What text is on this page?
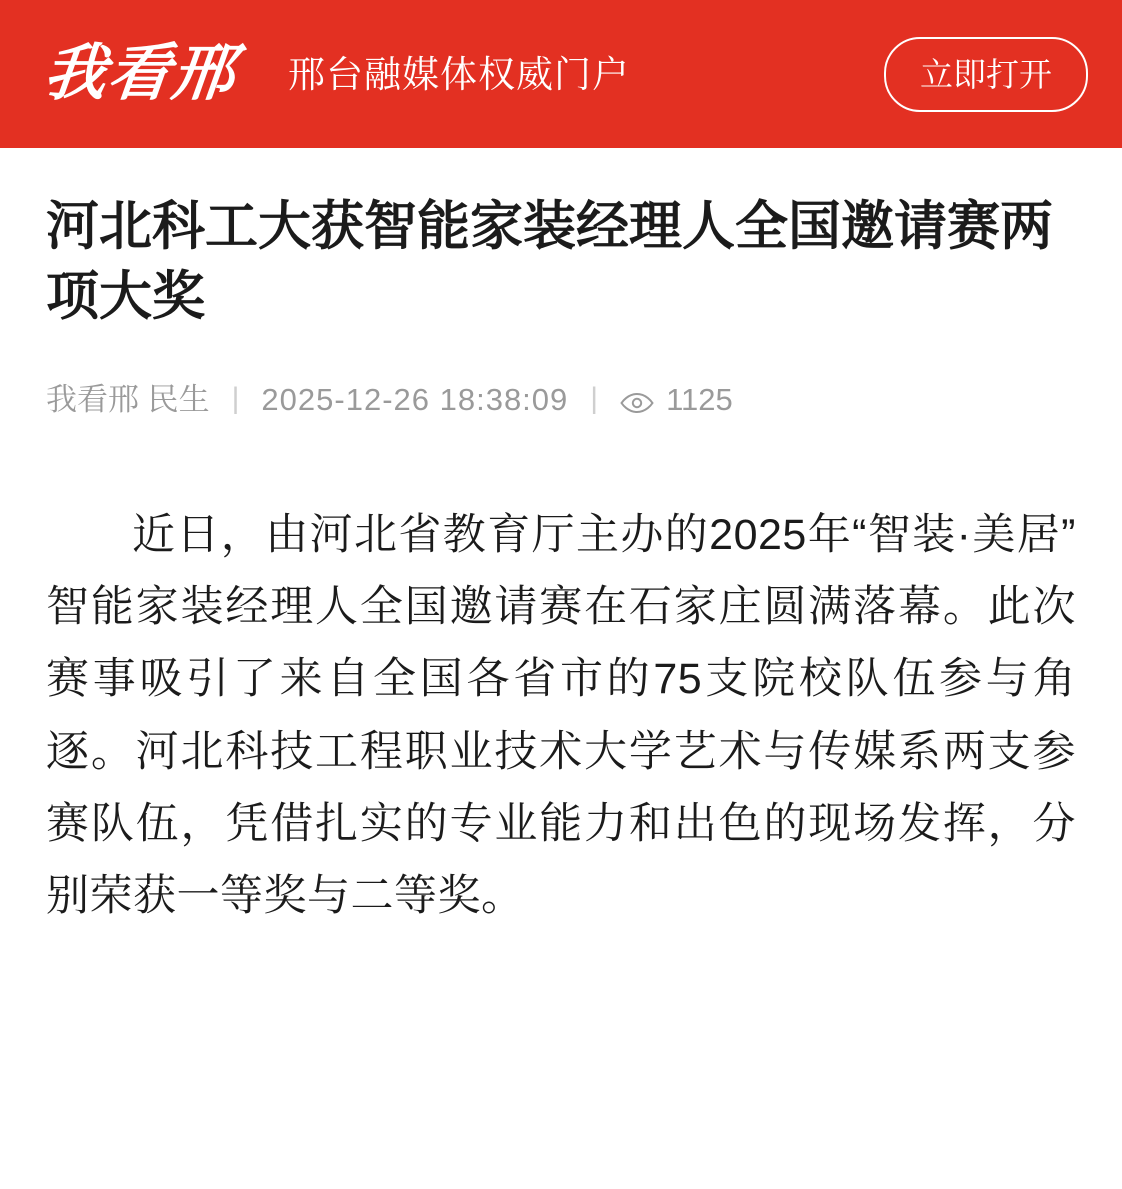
我看邢 邢台融媒体权威门户	立即打开
河北科工大获智能家装经理人全国邀请赛两项大奖
我看邢 民生 | 2025-12-26 18:38:09 | 1125

近日，由河北省教育厅主办的2025年“智装·美居”智能家装经理人全国邀请赛在石家庄圆满落幕。此次赛事吸引了来自全国各省市的75支院校队伍参与角逐。河北科技工程职业技术大学艺术与传媒系两支参赛队伍，凭借扎实的专业能力和出色的现场发挥，分别荣获一等奖与二等奖。
